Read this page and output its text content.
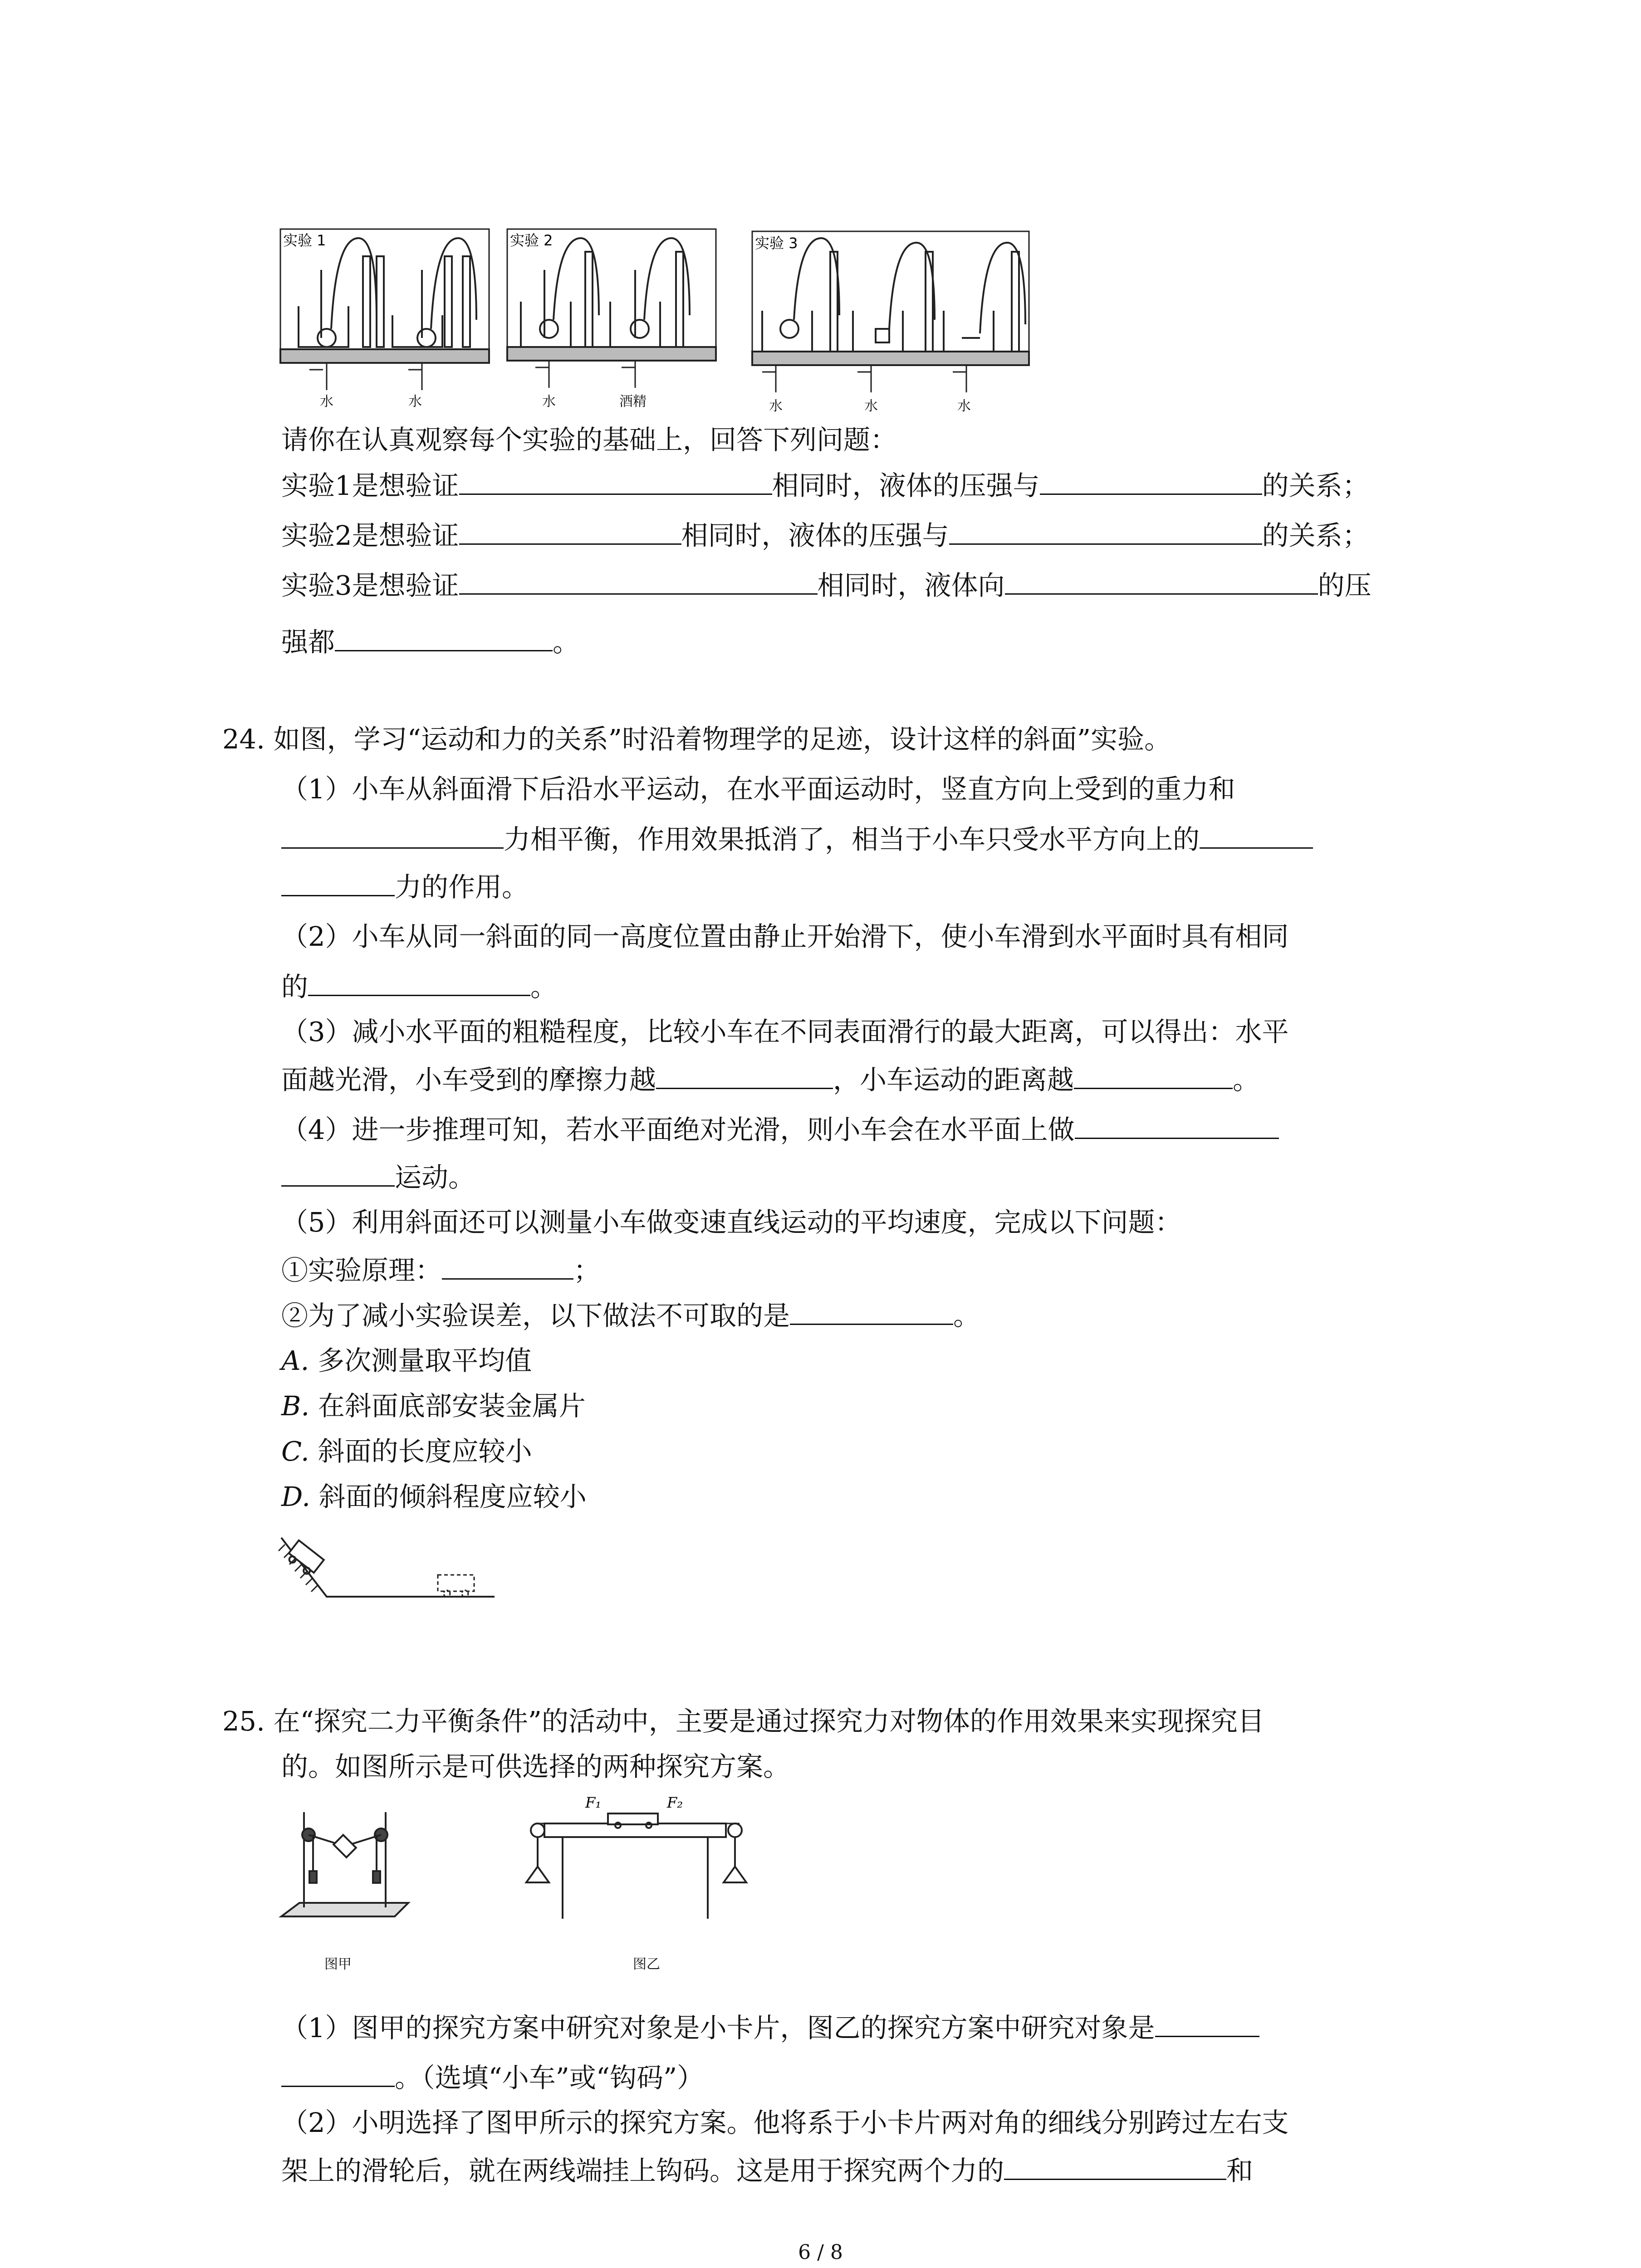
实验 1	实验 2	实验 3
水	水	水	酒精	水	水	水
请你在认真观察每个实验的基础上，回答下列问题：
实验1是想验证	相同时，液体的压强与	的关系；
实验2是想验证	相同时，液体的压强与	的关系；
实验3是想验证	相同时，液体向	的压
强都	。
24. 如图，学习“运动和力的关系”时沿着物理学的足迹，设计这样的斜面”实验。
（1）小车从斜面滑下后沿水平运动，在水平面运动时，竖直方向上受到的重力和
力相平衡，作用效果抵消了，相当于小车只受水平方向上的
力的作用。
（2）小车从同一斜面的同一高度位置由静止开始滑下，使小车滑到水平面时具有相同
的	。
（3）减小水平面的粗糙程度，比较小车在不同表面滑行的最大距离，可以得出：水平
面越光滑，小车受到的摩擦力越	，小车运动的距离越	。
（4）进一步推理可知，若水平面绝对光滑，则小车会在水平面上做
运动。
（5）利用斜面还可以测量小车做变速直线运动的平均速度，完成以下问题：
①实验原理：	；
②为了减小实验误差，以下做法不可取的是	。
A. 多次测量取平均值
B. 在斜面底部安装金属片
C. 斜面的长度应较小
D. 斜面的倾斜程度应较小
25. 在“探究二力平衡条件”的活动中，主要是通过探究力对物体的作用效果来实现探究目
的。如图所示是可供选择的两种探究方案。
图甲
F₁	F₂
图乙
（1）图甲的探究方案中研究对象是小卡片，图乙的探究方案中研究对象是
。（选填“小车”或“钩码”）
（2）小明选择了图甲所示的探究方案。他将系于小卡片两对角的细线分别跨过左右支
架上的滑轮后，就在两线端挂上钩码。这是用于探究两个力的	和
6 / 8
